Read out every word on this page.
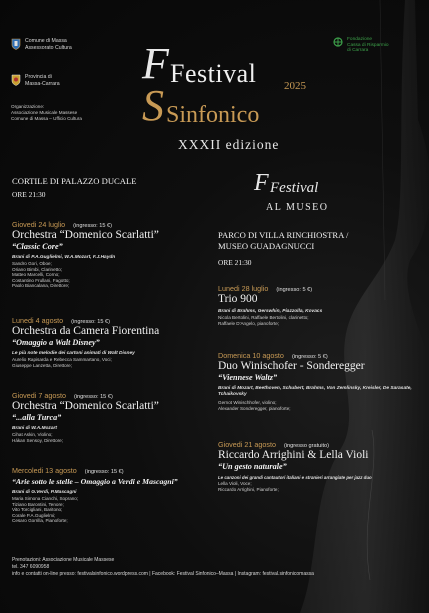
Comune di Massa
Assessorato Cultura
Provincia di
Massa-Carrara
Organizzazione:
Associazione Musicale Massese
Comune di Massa – Ufficio Cultura
Fondazione
Cassa di Risparmio
di Carrara
F Festival
S Sinfonico
2025
XXXII edizione
CORTILE DI PALAZZO DUCALE
ORE 21:30	F Festival
AL MUSEO
PARCO DI VILLA RINCHIOSTRA /
MUSEO GUADAGNUCCI
ORE 21:30
Giovedi 24 luglio (ingresso: 15 €)
Orchestra “Domenico Scarlatti”
“Classic Core”
Brani di P.A.Guglielmi, W.A.Mozart, F.J.Haydn
Sandro Gori, Oboe;
Oriano Bimbi, Clarinetto;
Matteo Marcelli, Corno;
Costantino Frullani, Fagotto;
Paolo Biancalana, Direttore;
Lunedi 4 agosto (ingresso: 15 €)
Orchestra da Camera Fiorentina
“Omaggio a Walt Disney”
Le più note melodie dei cartoni animati di Walt Disney
Aurelio Rapisarda e Rebecca Sammartano, Voci;
Giuseppe Lanzetta, Direttore;
Giovedi 7 agosto (ingresso: 15 €)
Orchestra “Domenico Scarlatti”
“...alla Turca”
Brani di W.A.Mozart
Cihat Askin, Violino;
Hákan Sensoy, Direttore;
Mercoledi 13 agosto (ingresso: 15 €)
“Arie sotto le stelle – Omaggio a Verdi e Mascagni”
Brani di G.Verdi, P.Mascagni
Maria Simona Cianchi, Soprano;
Tiziano Barontini, Tenore;
Vito Torcigliani, Baritono;
Corale P.A.Guglielmi;
Cesaro Gorrilla, Pianoforte;
Lunedi 28 luglio (ingresso: 5 €)
Trio 900
Brani di Brahms, Gerswhin, Piazzolla, Kovacs
Nicola Bertolini, Raffaele Bertolini, clarinetto;
Raffaele D'Angelo, pianoforte;
Domenica 10 agosto (ingresso: 5 €)
Duo Winischofer - Sonderegger
“Viennese Waltz”
Brani di Mozart, Beethoven, Schubert, Brahms, Von Zemlinsky, Kreisler, De Sarasate, Tchaikovsky
Gernot Winischhofer, violino;
Alexander Sonderegger, pianoforte;
Giovedi 21 agosto (ingresso gratuito)
Riccardo Arrighini & Lella Violi
“Un gesto naturale”
Le canzoni dei grandi cantautori italiani e stranieri arrangiate per jazz duo
Lella Violi, Voce;
Riccardo Arrighini, Pianoforte;
Prenotazioni: Associazione Musicale Massese
tel. 347 6090958
info e contatti on-line presso: festivalsinfonico.wordpress.com | Facebook: Festival Sinfonico–Massa | Instagram: festival.sinfonicomassa
